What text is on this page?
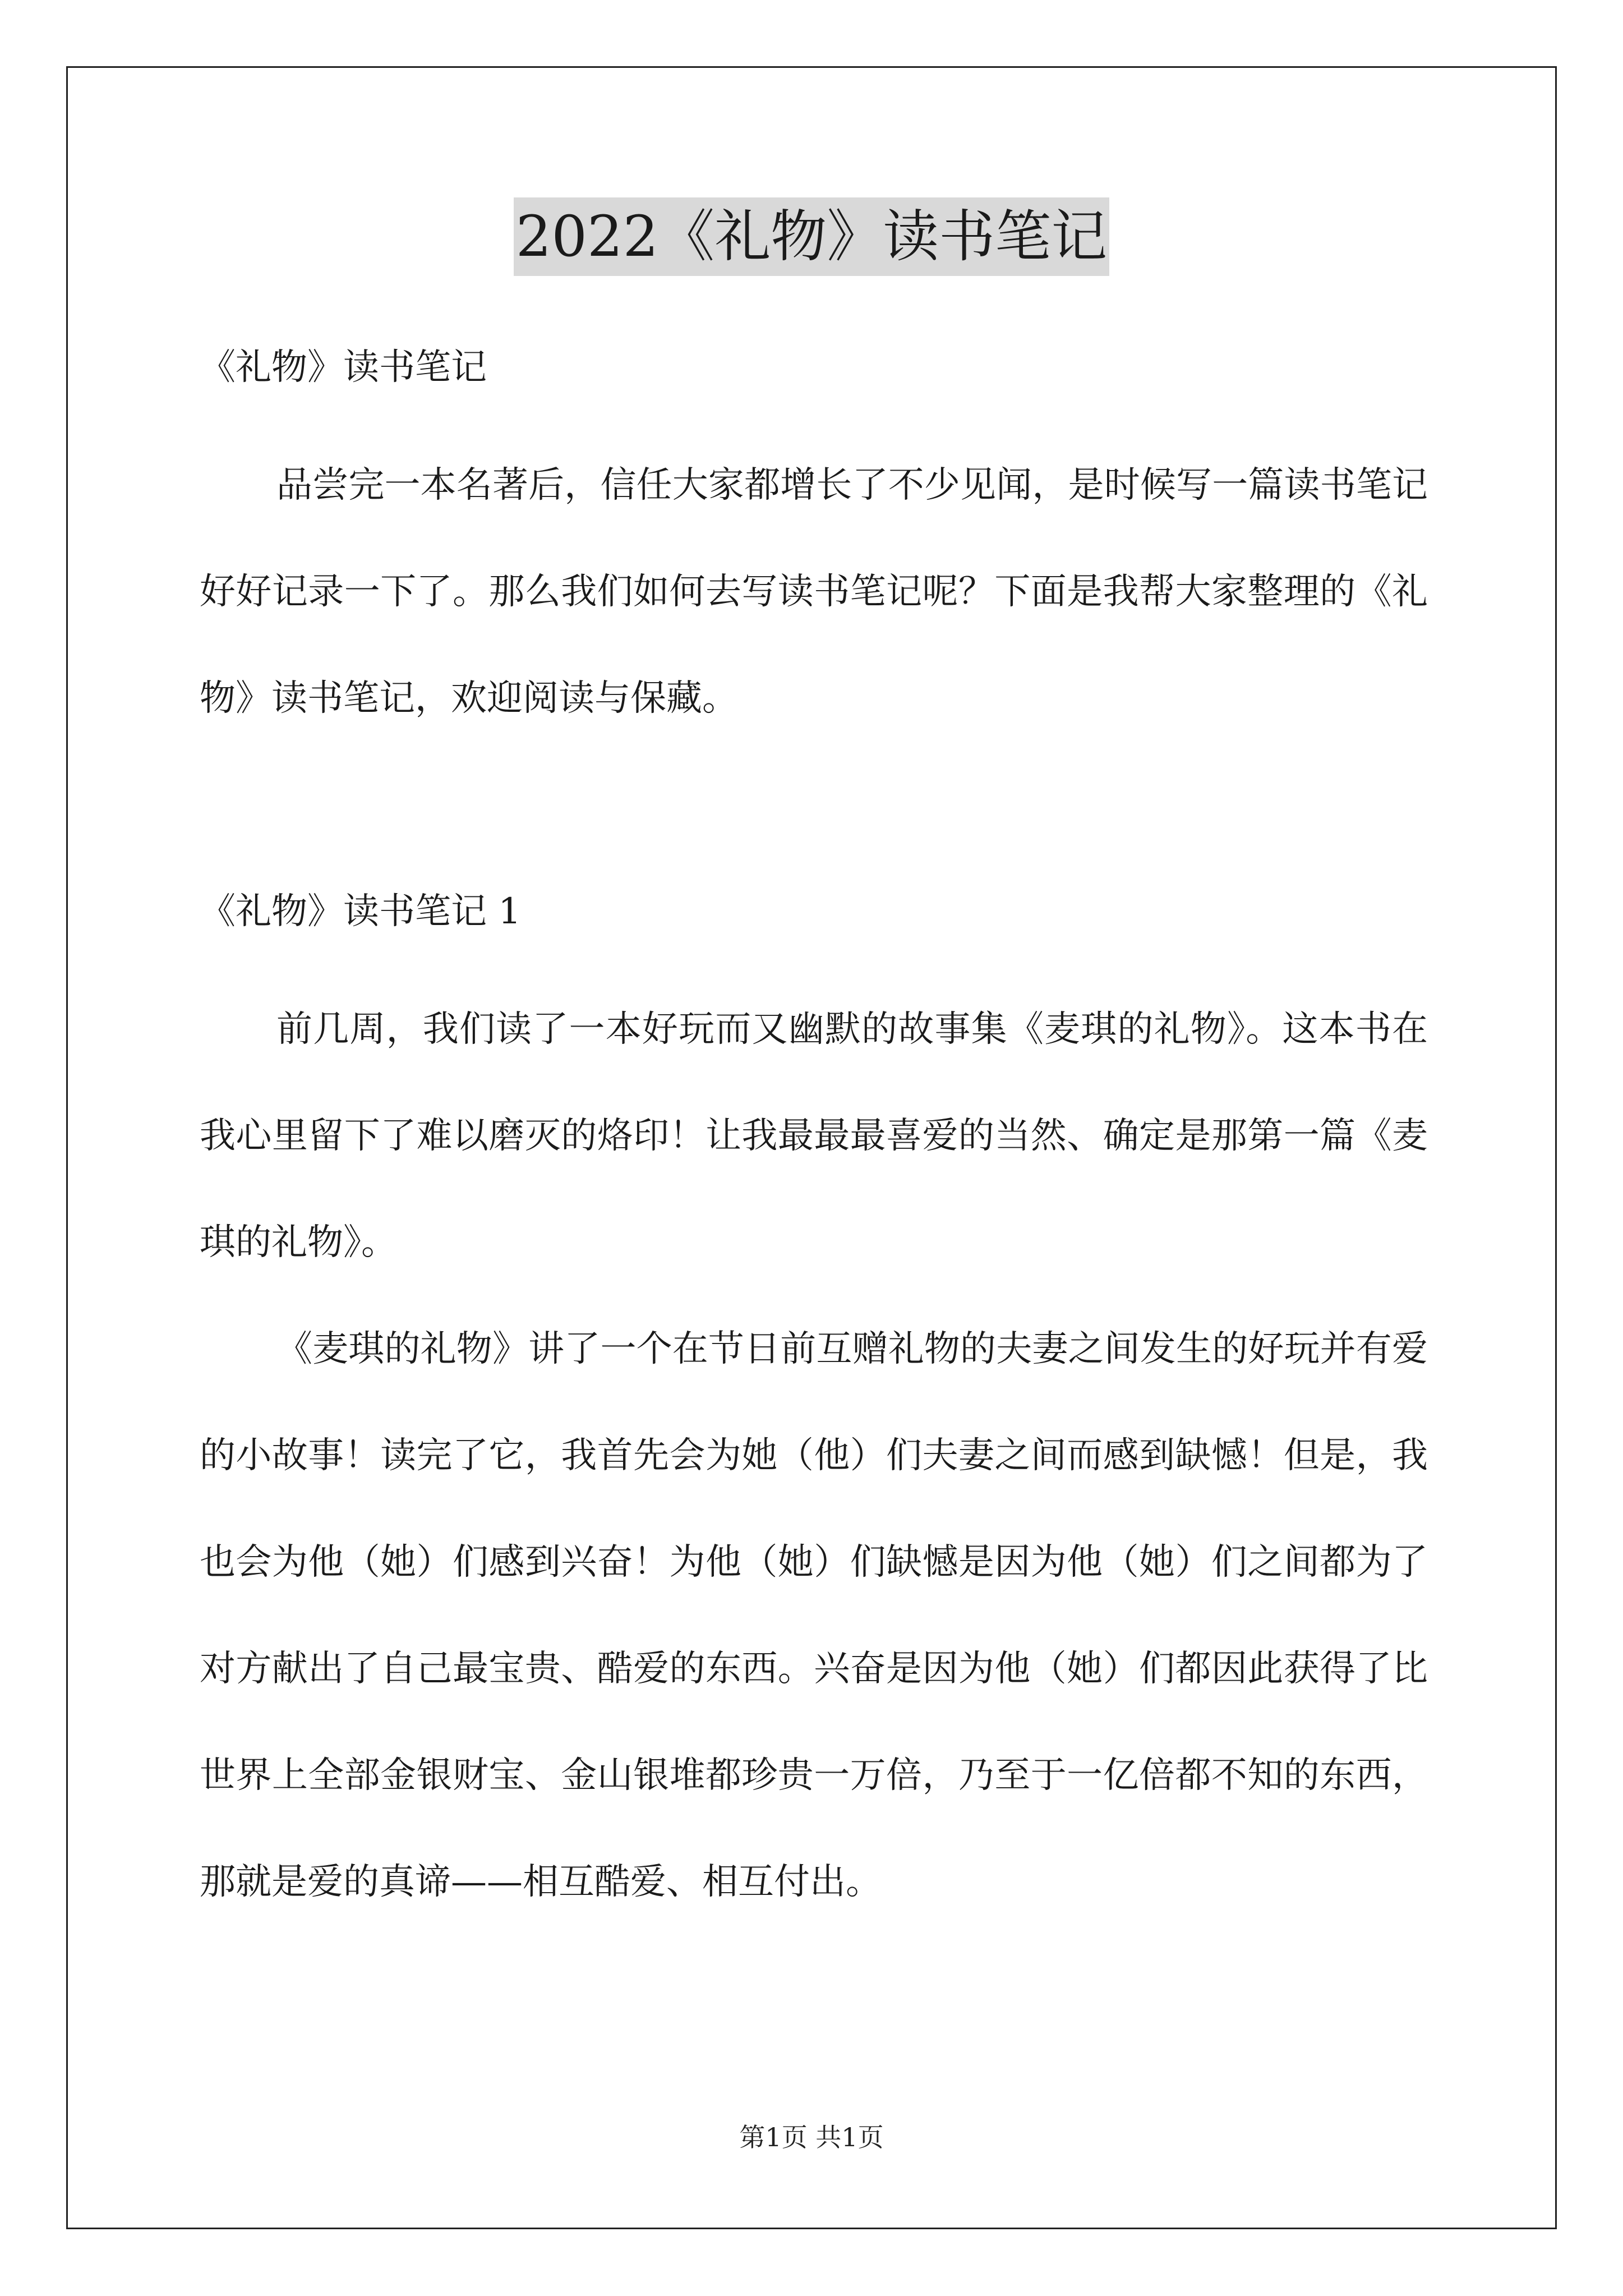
2022《礼物》读书笔记

《礼物》读书笔记

品尝完一本名著后，信任大家都增长了不少见闻，是时候写一篇读书笔记好好记录一下了。那么我们如何去写读书笔记呢？下面是我帮大家整理的《礼物》读书笔记，欢迎阅读与保藏。

《礼物》读书笔记 1

前几周，我们读了一本好玩而又幽默的故事集《麦琪的礼物》。这本书在我心里留下了难以磨灭的烙印！让我最最最喜爱的当然、确定是那第一篇《麦琪的礼物》。

《麦琪的礼物》讲了一个在节日前互赠礼物的夫妻之间发生的好玩并有爱的小故事！读完了它，我首先会为她（他）们夫妻之间而感到缺憾！但是，我也会为他（她）们感到兴奋！为他（她）们缺憾是因为他（她）们之间都为了对方献出了自己最宝贵、酷爱的东西。兴奋是因为他（她）们都因此获得了比世界上全部金银财宝、金山银堆都珍贵一万倍，乃至于一亿倍都不知的东西，那就是爱的真谛——相互酷爱、相互付出。

第1页 共1页
